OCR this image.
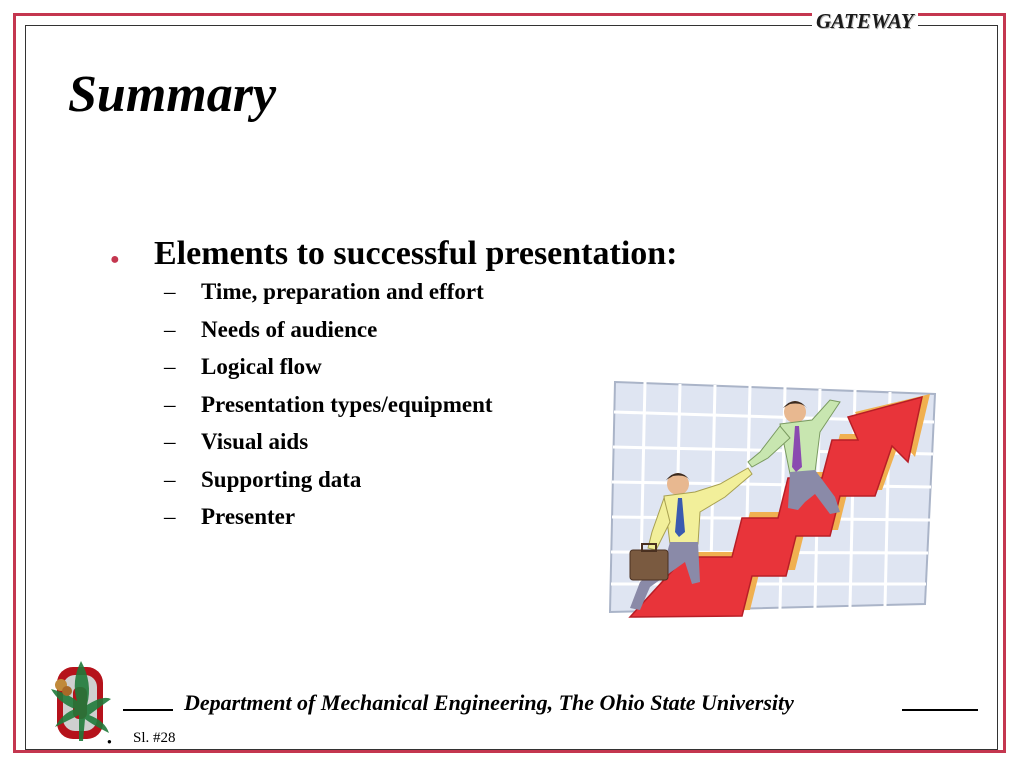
GATEWAY
Summary
●	Elements to successful presentation:
–	Time, preparation and effort
–	Needs of audience
–	Logical flow
–	Presentation types/equipment
–	Visual aids
–	Supporting data
–	Presenter
●
Department of Mechanical Engineering, The Ohio State University
Sl. #28
